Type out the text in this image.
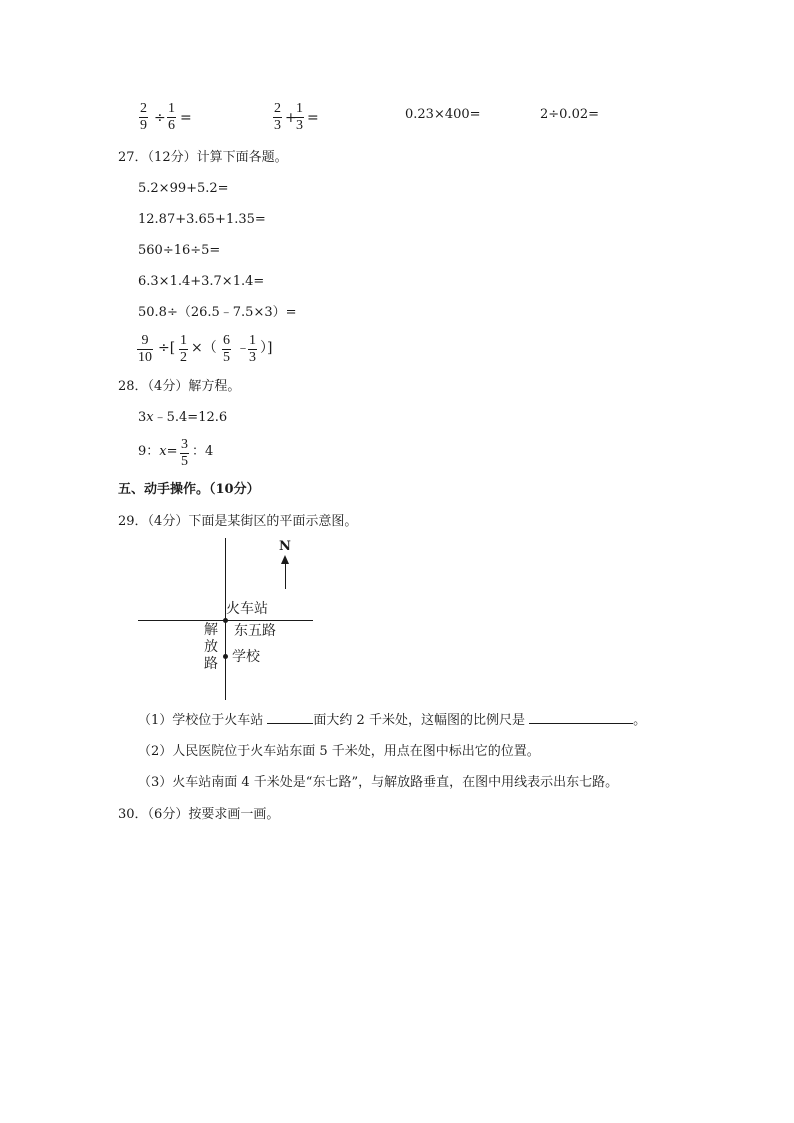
2
9 ÷
1
6 =
2
3 +
1
3 =	0.23×400=	2÷0.02=
27．（12分）计算下面各题。
5.2×99+5.2=
12.87+3.65+1.35=
560÷16÷5=
6.3×1.4+3.7×1.4=
50.8÷（26.5﹣7.5×3）=
9
10
÷[ 1
2
×（ 6
5
﹣ 1
3
）]
28．（4分）解方程。
3x﹣5.4=12.6
9：x= 3
5
：4
五、动手操作。（10分）
29．（4分）下面是某街区的平面示意图。
N
火车站
东五路
解
放
路 学校
（1）学校位于火车站	面大约 2 千米处，这幅图的比例尺是	。
（2）人民医院位于火车站东面 5 千米处，用点在图中标出它的位置。
（3）火车站南面 4 千米处是“东七路”，与解放路垂直，在图中用线表示出东七路。
30．（6分）按要求画一画。
